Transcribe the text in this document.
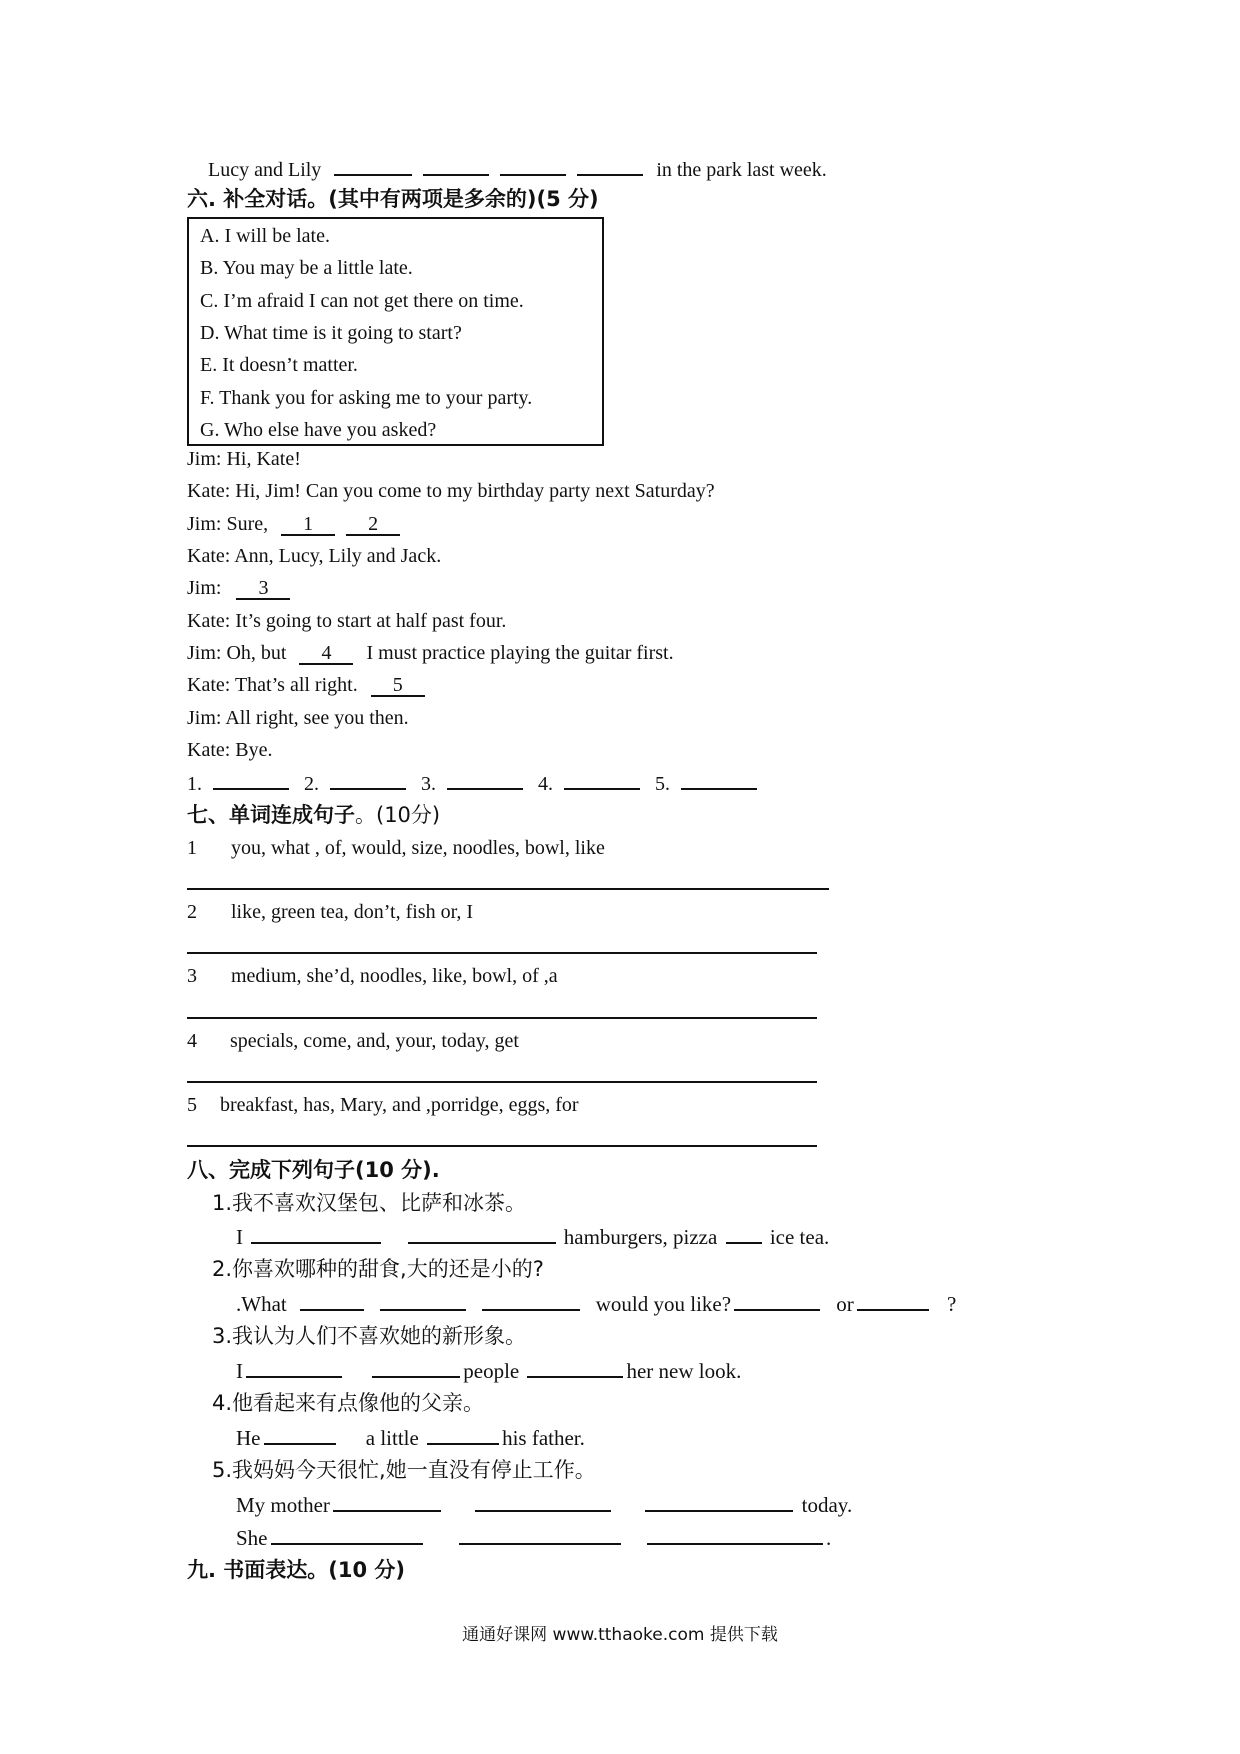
Lucy and Lily	in the park last week.
六. 补全对话。(其中有两项是多余的)(5 分)
A. I will be late.
B. You may be a little late.
C. I’m afraid I can not get there on time.
D. What time is it going to start?
E. It doesn’t matter.
F. Thank you for asking me to your party.
G. Who else have you asked?
Jim: Hi, Kate!
Kate: Hi, Jim! Can you come to my birthday party next Saturday?
Jim: Sure, 1	2
Kate: Ann, Lucy, Lily and Jack.
Jim: 3
Kate: It’s going to start at half past four.
Jim: Oh, but 4 I must practice playing the guitar first.
Kate: That’s all right. 5
Jim: All right, see you then.
Kate: Bye.
1.	2.	3.	4.	5.
七、单词连成句子。(10分)
1 you, what , of, would, size, noodles, bowl, like
2 like, green tea, don’t, fish or, I
3 medium, she’d, noodles, like, bowl, of ,a
4 specials, come, and, your, today, get
5 breakfast, has, Mary, and ,porridge, eggs, for
八、完成下列句子(10 分).
1.我不喜欢汉堡包、比萨和冰茶。
I	hamburgers, pizza	ice tea.
2.你喜欢哪种的甜食,大的还是小的?
.What	would you like?	or	?
3.我认为人们不喜欢她的新形象。
I	people	her new look.
4.他看起来有点像他的父亲。
He	a little	his father.
5.我妈妈今天很忙,她一直没有停止工作。
My mother	today.
She	.
九. 书面表达。(10 分)
通通好课网 www.tthaoke.com 提供下载
